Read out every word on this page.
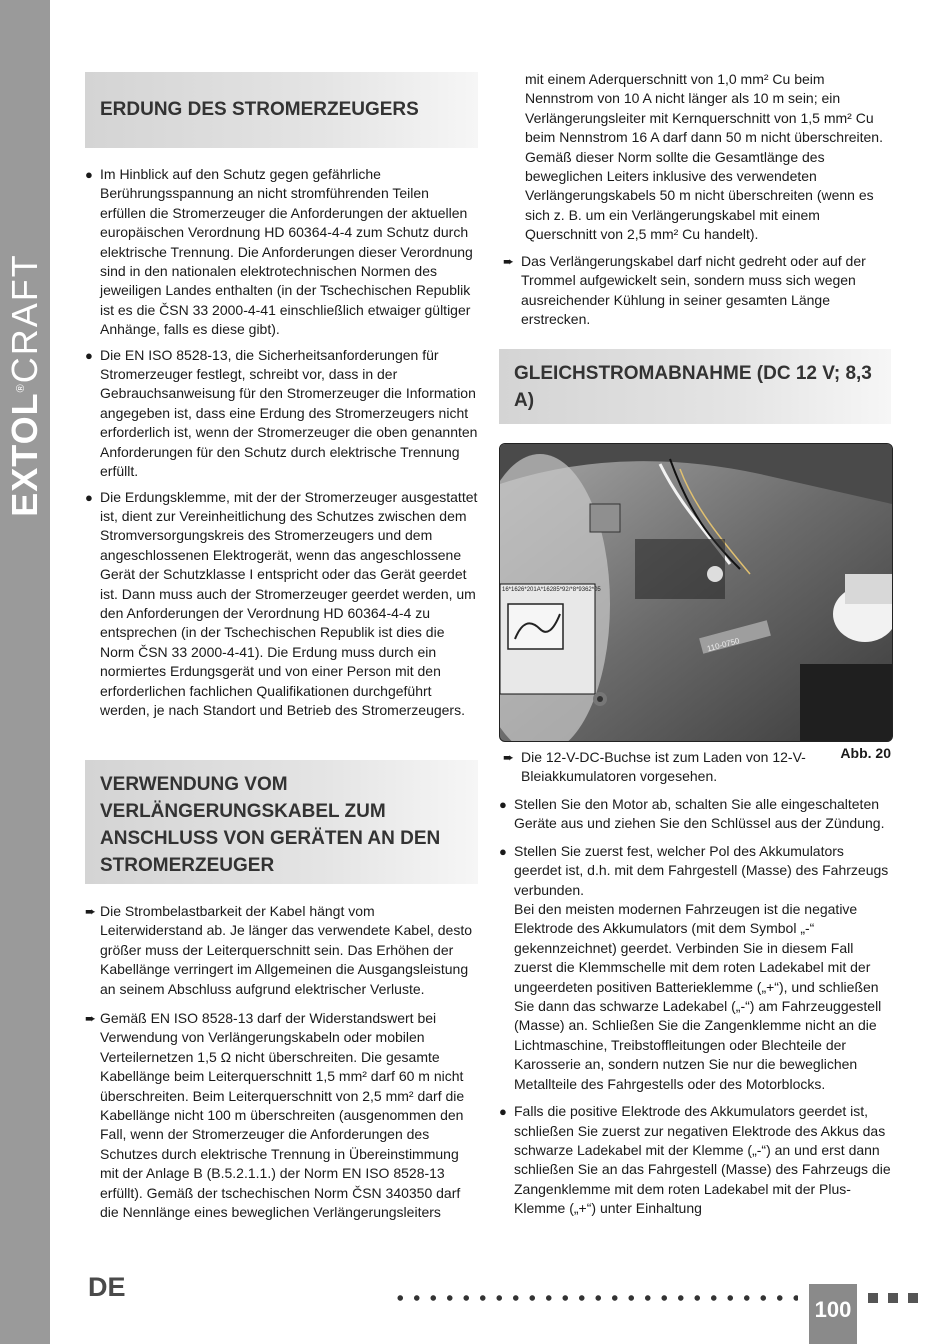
EXTOL®CRAFT
ERDUNG DES STROMERZEUGERS
● Im Hinblick auf den Schutz gegen gefährliche Berührungsspannung an nicht stromführenden Teilen erfüllen die Stromerzeuger die Anforderungen der aktuellen europäischen Verordnung HD 60364-4-4 zum Schutz durch elektrische Trennung. Die Anforderungen dieser Verordnung sind in den nationalen elektrotechnischen Normen des jeweiligen Landes enthalten (in der Tschechischen Republik ist es die ČSN 33 2000-4-41 einschließlich etwaiger gültiger Anhänge, falls es diese gibt).

● Die EN ISO 8528-13, die Sicherheitsanforderungen für Stromerzeuger festlegt, schreibt vor, dass in der Gebrauchsanweisung für den Stromerzeuger die Information angegeben ist, dass eine Erdung des Stromerzeugers nicht erforderlich ist, wenn der Stromerzeuger die oben genannten Anforderungen für den Schutz durch elektrische Trennung erfüllt.

● Die Erdungsklemme, mit der der Stromerzeuger ausgestattet ist, dient zur Vereinheitlichung des Schutzes zwischen dem Stromversorgungskreis des Stromerzeugers und dem angeschlossenen Elektrogerät, wenn das angeschlossene Gerät der Schutzklasse I entspricht oder das Gerät geerdet ist. Dann muss auch der Stromerzeuger geerdet werden, um den Anforderungen der Verordnung HD 60364-4-4 zu entsprechen (in der Tschechischen Republik ist dies die Norm ČSN 33 2000-4-41). Die Erdung muss durch ein normiertes Erdungsgerät und von einer Person mit den erforderlichen fachlichen Qualifikationen durchgeführt werden, je nach Standort und Betrieb des Stromerzeugers.

VERWENDUNG VOM VERLÄNGERUNGSKABEL ZUM ANSCHLUSS VON GERÄTEN AN DEN STROMERZEUGER
➨ Die Strombelastbarkeit der Kabel hängt vom Leiterwiderstand ab. Je länger das verwendete Kabel, desto größer muss der Leiterquerschnitt sein. Das Erhöhen der Kabellänge verringert im Allgemeinen die Ausgangsleistung an seinem Abschluss aufgrund elektrischer Verluste.

➨ Gemäß EN ISO 8528-13 darf der Widerstandswert bei Verwendung von Verlängerungskabeln oder mobilen Verteilernetzen 1,5 Ω nicht überschreiten. Die gesamte Kabellänge beim Leiterquerschnitt 1,5 mm² darf 60 m nicht überschreiten. Beim Leiterquerschnitt von 2,5 mm² darf die Kabellänge nicht 100 m überschreiten (ausgenommen den Fall, wenn der Stromerzeuger die Anforderungen des Schutzes durch elektrische Trennung in Übereinstimmung mit der Anlage B (B.5.2.1.1.) der Norm EN ISO 8528-13 erfüllt). Gemäß der tschechischen Norm ČSN 340350 darf die Nennlänge eines beweglichen Verlängerungsleiters

mit einem Aderquerschnitt von 1,0 mm² Cu beim Nennstrom von 10 A nicht länger als 10 m sein; ein Verlängerungsleiter mit Kernquerschnitt von 1,5 mm² Cu beim Nennstrom 16 A darf dann 50 m nicht überschreiten. Gemäß dieser Norm sollte die Gesamtlänge des beweglichen Leiters inklusive des verwendeten Verlängerungskabels 50 m nicht überschreiten (wenn es sich z. B. um ein Verlängerungskabel mit einem Querschnitt von 2,5 mm² Cu handelt).

➨ Das Verlängerungskabel darf nicht gedreht oder auf der Trommel aufgewickelt sein, sondern muss sich wegen ausreichender Kühlung in seiner gesamten Länge erstrecken.

GLEICHSTROMABNAHME (DC 12 V; 8,3 A)
16*1626*201A*16285*92/*8*9362*05
110-0750
Abb. 20
➨ Die 12-V-DC-Buchse ist zum Laden von 12-V-Bleiakkumulatoren vorgesehen.

● Stellen Sie den Motor ab, schalten Sie alle eingeschalteten Geräte aus und ziehen Sie den Schlüssel aus der Zündung.

● Stellen Sie zuerst fest, welcher Pol des Akkumulators geerdet ist, d.h. mit dem Fahrgestell (Masse) des Fahrzeugs verbunden.

Bei den meisten modernen Fahrzeugen ist die negative Elektrode des Akkumulators (mit dem Symbol „-“ gekennzeichnet) geerdet. Verbinden Sie in diesem Fall zuerst die Klemmschelle mit dem roten Ladekabel mit der ungeerdeten positiven Batterieklemme („+“), und schließen Sie dann das schwarze Ladekabel („-“) am Fahrzeuggestell (Masse) an. Schließen Sie die Zangenklemme nicht an die Lichtmaschine, Treibstoffleitungen oder Blechteile der Karosserie an, sondern nutzen Sie nur die beweglichen Metallteile des Fahrgestells oder des Motorblocks.

● Falls die positive Elektrode des Akkumulators geerdet ist, schließen Sie zuerst zur negativen Elektrode des Akkus das schwarze Ladekabel mit der Klemme („-“) an und erst dann schließen Sie an das Fahrgestell (Masse) des Fahrzeugs die Zangenklemme mit dem roten Ladekabel mit der Plus-Klemme („+“) unter Einhaltung

DE
100
